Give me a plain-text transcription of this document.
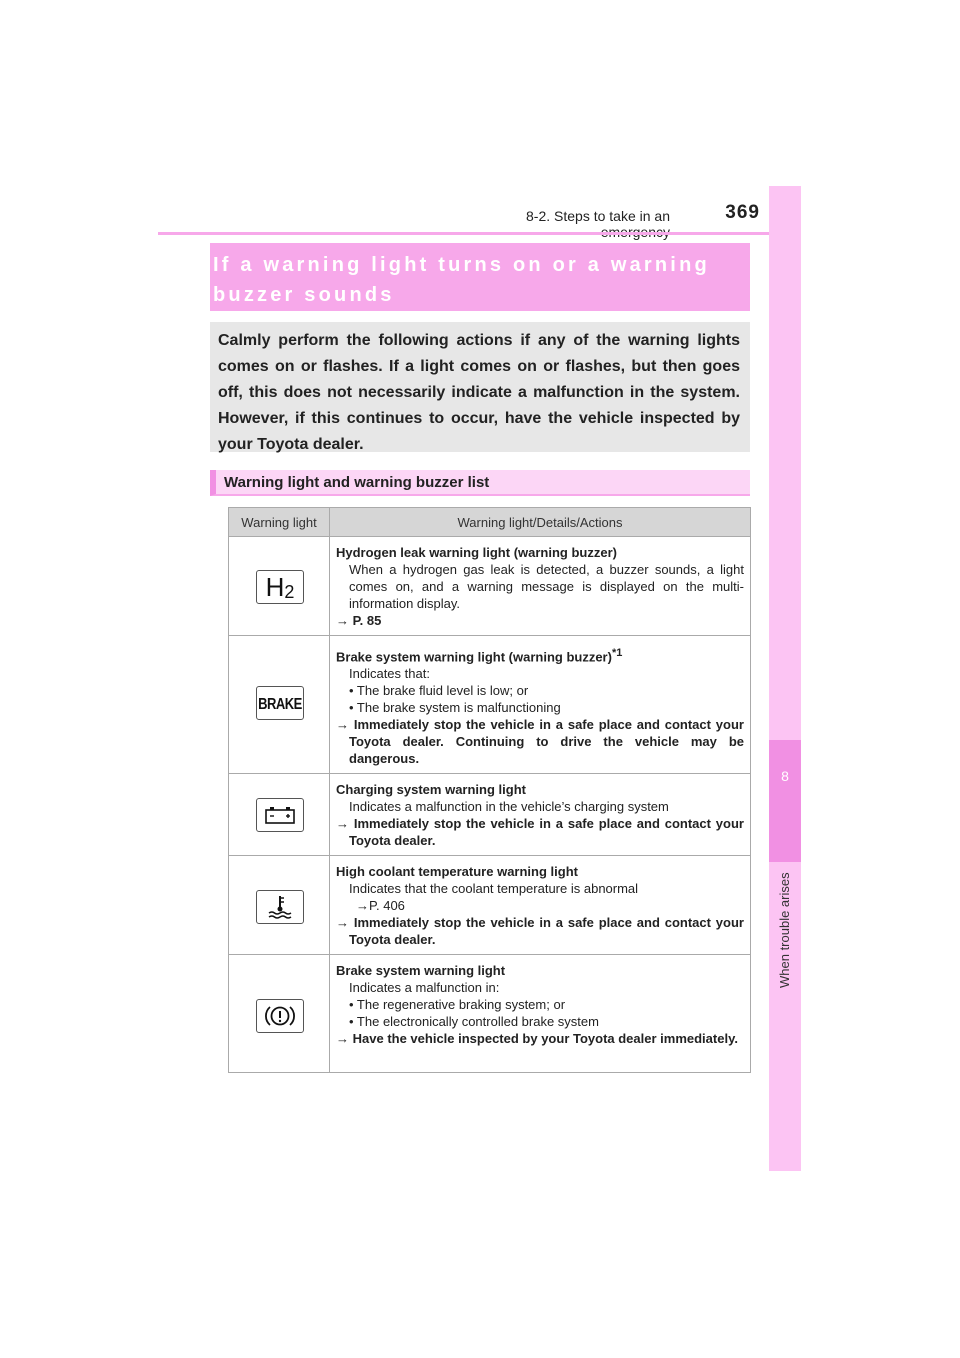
8-2. Steps to take in an	369
8
When trouble arises
If a warning light turns on or a warning
buzzer sounds

Calmly perform the following actions if any of the warning lights comes on or flashes. If a light comes on or flashes, but then goes off, this does not necessarily indicate a malfunction in the system. However, if this continues to occur, have the vehicle inspected by your Toyota dealer.

Warning light and warning buzzer list
Warning light	Warning light/Details/Actions

$H_2$	Hydrogen leak warning light (warning buzzer)
When a hydrogen gas leak is detected, a buzzer sounds, a light comes on, and a warning message is displayed on the multi-information display.
→ P. 85

BRAKE	Brake system warning light (warning buzzer)$^{*1}$
Indicates that:
• The brake fluid level is low; or
• The brake system is malfunctioning
→ Immediately stop the vehicle in a safe place and contact your Toyota dealer. Continuing to drive the vehicle may be dangerous.

Charging system warning light
Indicates a malfunction in the vehicle’s charging system
→ Immediately stop the vehicle in a safe place and contact your Toyota dealer.

High coolant temperature warning light
Indicates that the coolant temperature is abnormal
→P. 406
→ Immediately stop the vehicle in a safe place and contact your Toyota dealer.

Brake system warning light
Indicates a malfunction in:
• The regenerative braking system; or
• The electronically controlled brake system
→ Have the vehicle inspected by your Toyota dealer immediately.
